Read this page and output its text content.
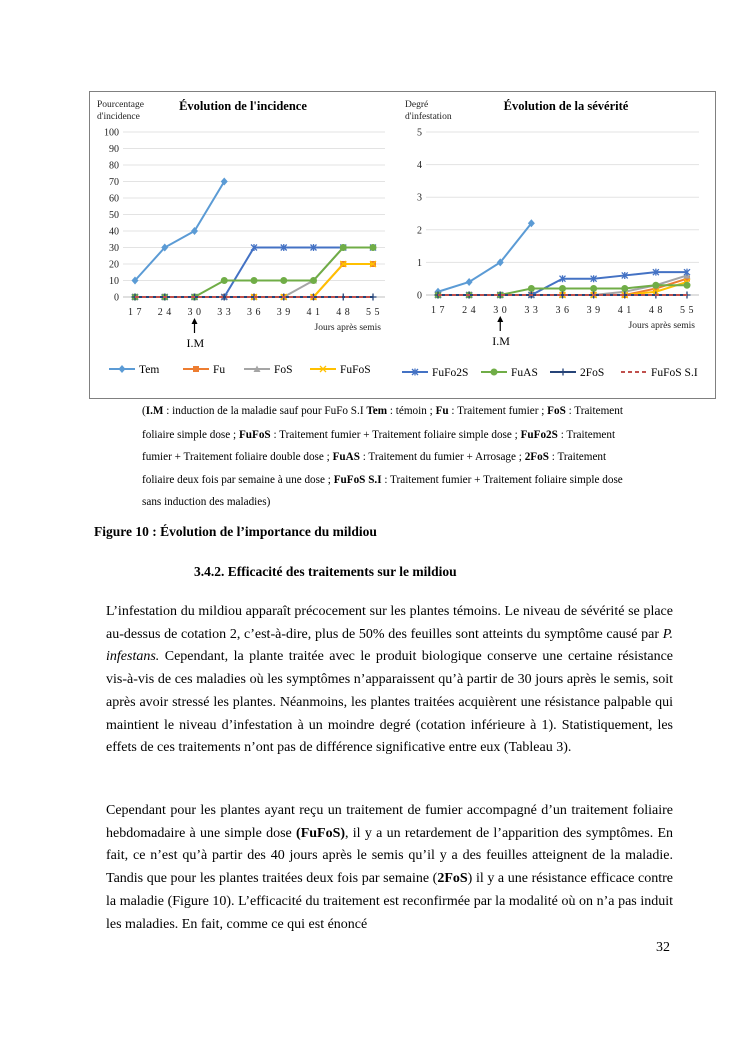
Pourcentage
d'incidence
Évolution de l'incidence
0
10
20
30
40
50
60
70
80
90
100
1 7 2 4 3 0 3 3 3 6 3 9 4 1 4 8 5 5
Jours après semis
I.M
Degré
d'infestation
Évolution de la sévérité
0
1
2
3
4
5
1 7 2 4 3 0 3 3 3 6 3 9 4 1 4 8 5 5
Jours après semis
I.M
Tem	Fu	FoS	FuFoS	FuFo2S	FuAS	2FoS	FuFoS S.I
(I.M : induction de la maladie sauf pour FuFo S.I Tem : témoin ; Fu : Traitement fumier ; FoS : Traitement
foliaire simple dose ; FuFoS : Traitement fumier + Traitement foliaire simple dose ; FuFo2S : Traitement
fumier + Traitement foliaire double dose ; FuAS : Traitement du fumier + Arrosage ; 2FoS : Traitement
foliaire deux fois par semaine à une dose ; FuFoS S.I : Traitement fumier + Traitement foliaire simple dose
sans induction des maladies)
Figure 10 : Évolution de l’importance du mildiou
3.4.2. Efficacité des traitements sur le mildiou

L’infestation du mildiou apparaît précocement sur les plantes témoins. Le niveau de sévérité se place au-dessus de cotation 2, c’est-à-dire, plus de 50% des feuilles sont atteints du symptôme causé par P. infestans. Cependant, la plante traitée avec le produit biologique conserve une certaine résistance vis-à-vis de ces maladies où les symptômes n’apparaissent qu’à partir de 30 jours après le semis, soit après avoir stressé les plantes. Néanmoins, les plantes traitées acquièrent une résistance palpable qui maintient le niveau d’infestation à un moindre degré (cotation inférieure à 1). Statistiquement, les effets de ces traitements n’ont pas de différence significative entre eux (Tableau 3).

Cependant pour les plantes ayant reçu un traitement de fumier accompagné d’un traitement foliaire hebdomadaire à une simple dose (FuFoS), il y a un retardement de l’apparition des symptômes. En fait, ce n’est qu’à partir des 40 jours après le semis qu’il y a des feuilles atteignent de la maladie. Tandis que pour les plantes traitées deux fois par semaine (2FoS) il y a une résistance efficace contre la maladie (Figure 10). L’efficacité du traitement est reconfirmée par la modalité où on n’a pas induit les maladies. En fait, comme ce qui est énoncé

32
